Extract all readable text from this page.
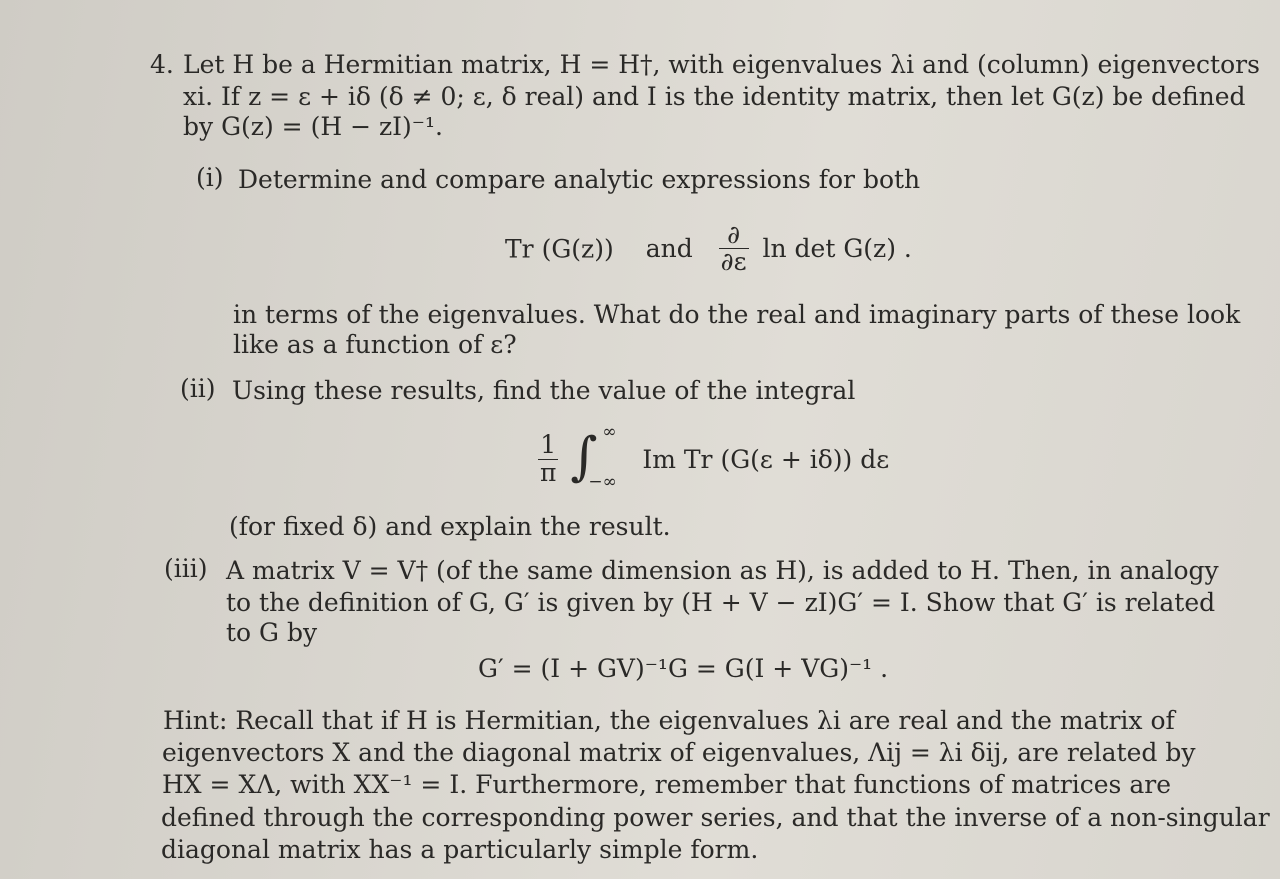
4. Let H be a Hermitian matrix, H = H†, with eigenvalues λi and (column) eigenvectors
xi. If z = ε + iδ (δ ≠ 0; ε, δ real) and I is the identity matrix, then let G(z) be defined
by G(z) = (H − zI)⁻¹.
(i) Determine and compare analytic expressions for both
Tr (G(z)) and $\frac{\partial}{\partial\varepsilon}$ ln det G(z) .
in terms of the eigenvalues. What do the real and imaginary parts of these look
like as a function of ε?
(ii) Using these results, find the value of the integral
$\frac{1}{\pi}$
∫ ∞
−∞
Im Tr (G(ε + iδ)) dε
(for fixed δ) and explain the result.
(iii) A matrix V = V† (of the same dimension as H), is added to H. Then, in analogy
to the definition of G, G′ is given by (H + V − zI)G′ = I. Show that G′ is related
to G by
G′ = (I + GV)⁻¹G = G(I + VG)⁻¹ .
Hint: Recall that if H is Hermitian, the eigenvalues λi are real and the matrix of
eigenvectors X and the diagonal matrix of eigenvalues, Λij = λi δij, are related by
HX = XΛ, with XX⁻¹ = I. Furthermore, remember that functions of matrices are
defined through the corresponding power series, and that the inverse of a non-singular
diagonal matrix has a particularly simple form.
